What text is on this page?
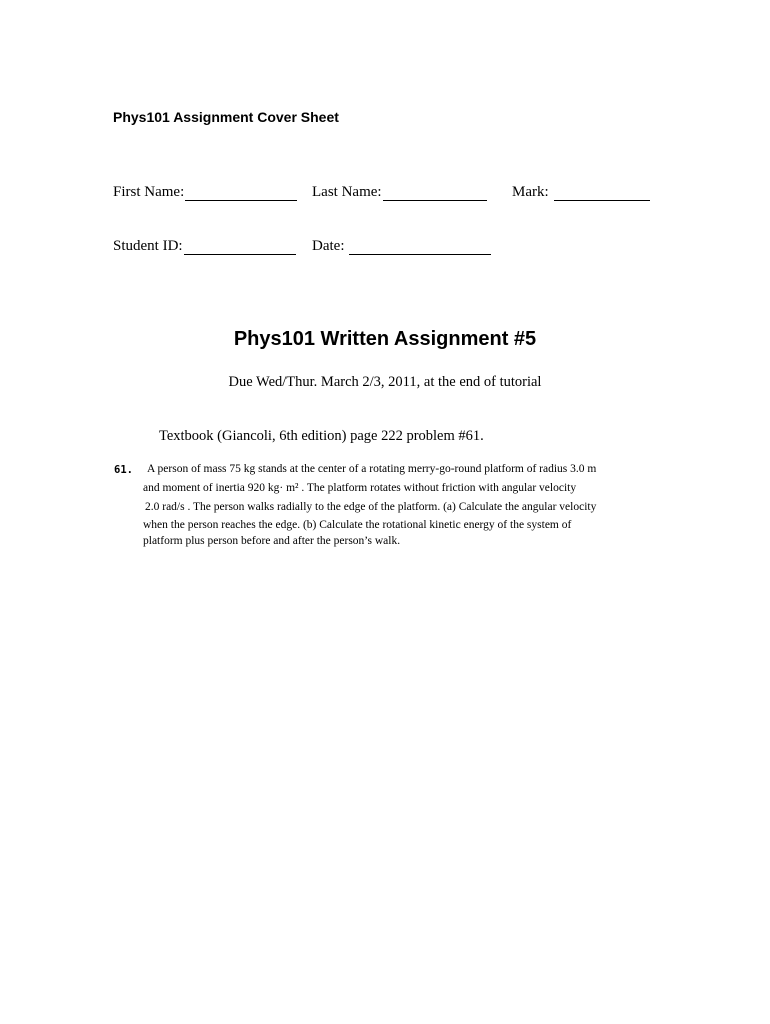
Phys101 Assignment Cover Sheet
First Name:	Last Name:	Mark:
Student ID:	Date:
Phys101 Written Assignment #5
Due Wed/Thur. March 2/3, 2011, at the end of tutorial
Textbook (Giancoli, 6th edition) page 222 problem #61.
61. A person of mass 75 kg stands at the center of a rotating merry-go-round platform of radius 3.0 m
and moment of inertia 920 kg· m² . The platform rotates without friction with angular velocity
2.0 rad/s . The person walks radially to the edge of the platform. (a) Calculate the angular velocity
when the person reaches the edge. (b) Calculate the rotational kinetic energy of the system of
platform plus person before and after the person’s walk.
